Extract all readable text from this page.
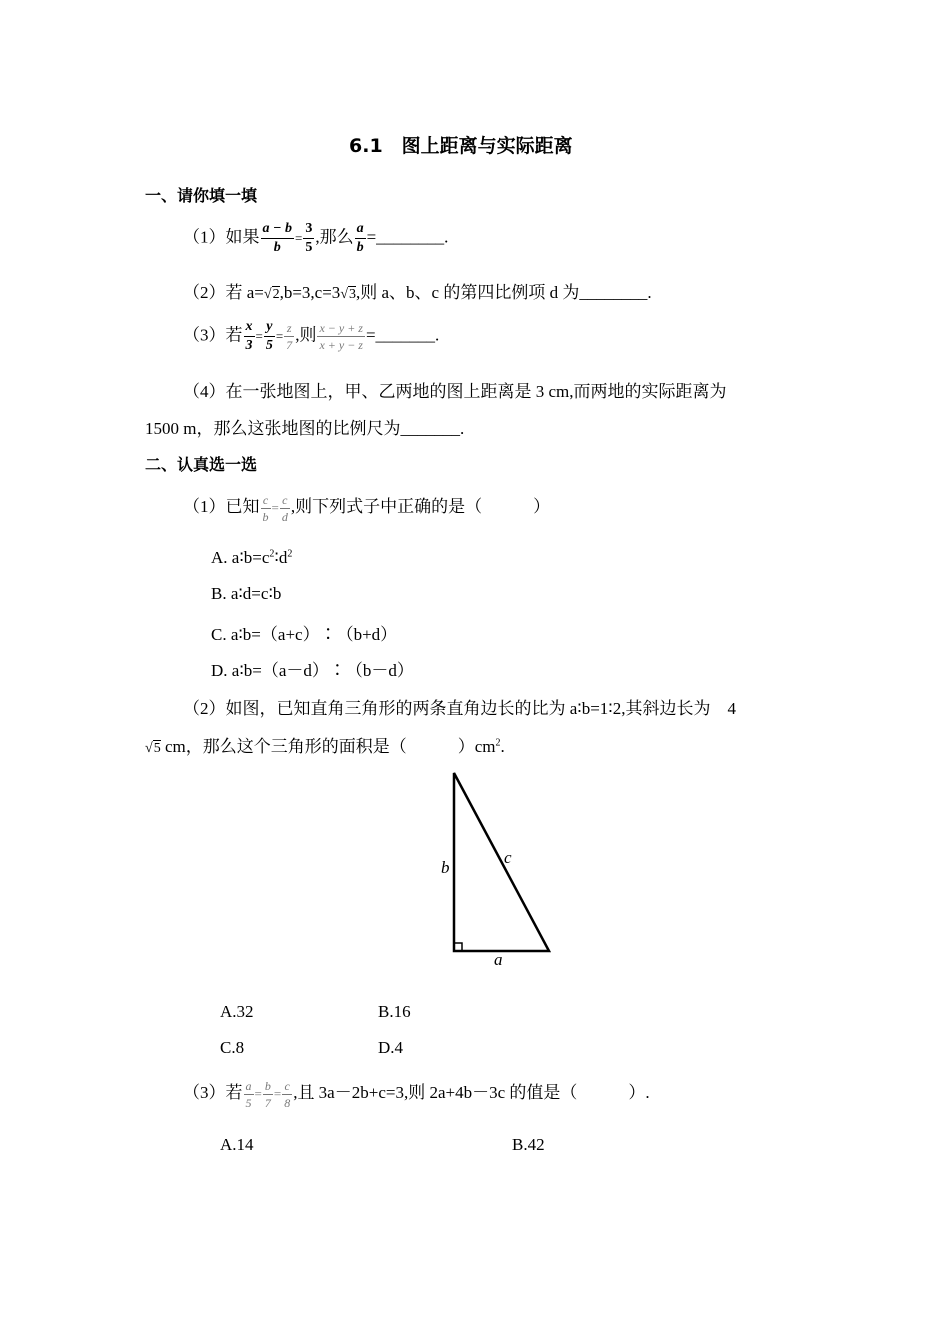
6.1　图上距离与实际距离
一、请你填一填
（1）如果 $\frac{a - b}{b} = \frac{3}{5}$ ,那么 $\frac{a}{b}$ =________.
（2）若 a=√2,b=3,c=3√3,则 a、b、c 的第四比例项 d 为________.
（3）若 $\frac{x}{3} = \frac{y}{5} = \frac{z}{7}$ ,则 $\frac{x - y + z}{x + y - z}$ =_______.
（4）在一张地图上，甲、乙两地的图上距离是 3 cm,而两地的实际距离为
1500 m，那么这张地图的比例尺为_______.
二、认真选一选
（1）已知 $\frac{c}{b} = \frac{c}{d}$ ,则下列式子中正确的是（　　　）
A. $a∶b=c^2∶d^2$
B. a∶d=c∶b
C. a∶b=（a+c）∶（b+d）
D. a∶b=（a－d）∶（b－d）
（2）如图，已知直角三角形的两条直角边长的比为 a∶b=1∶2,其斜边长为　4
√5 cm，那么这个三角形的面积是（　　　）$cm^2$.
b
c
a
A.32	B.16
C.8	D.4
（3）若 $\frac{a}{5} = \frac{b}{7} = \frac{c}{8}$ ,且 3a－2b+c=3,则 2a+4b－3c 的值是（　　　）.
A.14	B.42
